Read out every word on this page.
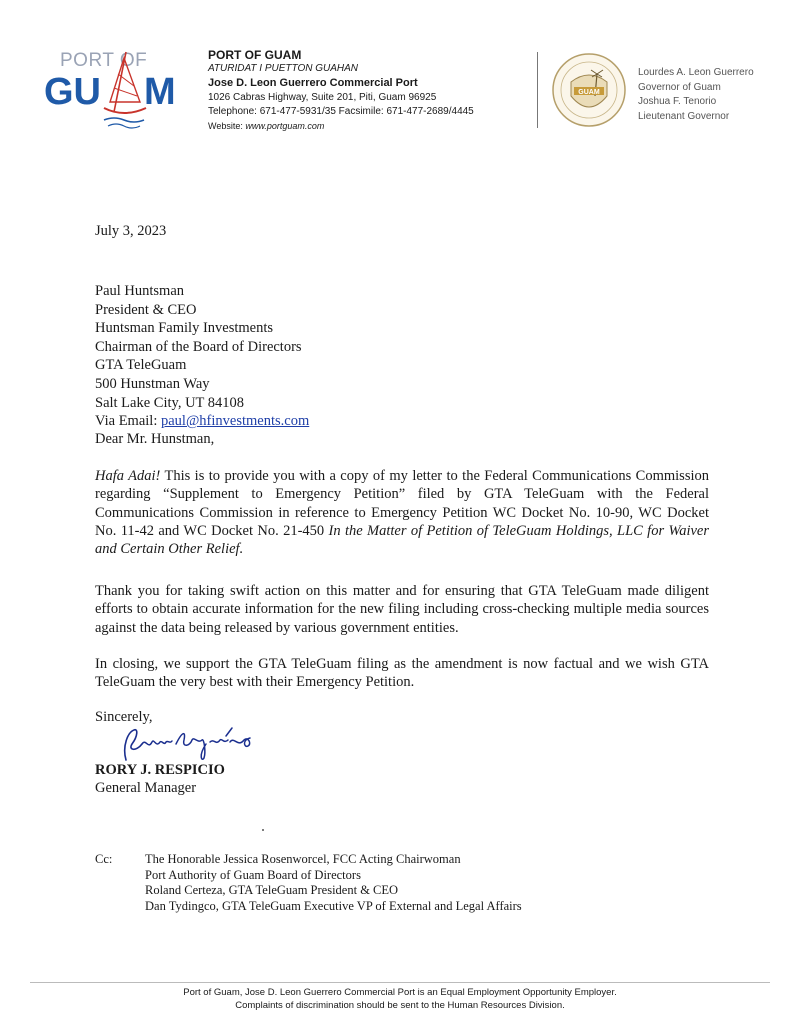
PORT OF
GU M
PORT OF GUAM
ATURIDAT I PUETTON GUAHAN
Jose D. Leon Guerrero Commercial Port
1026 Cabras Highway, Suite 201, Piti, Guam 96925
Telephone: 671-477-5931/35 Facsimile: 671-477-2689/4445
Website: www.portguam.com
GUAM
Lourdes A. Leon Guerrero
Governor of Guam
Joshua F. Tenorio
Lieutenant Governor

July 3, 2023

Paul Huntsman
President & CEO
Huntsman Family Investments
Chairman of the Board of Directors
GTA TeleGuam
500 Hunstman Way
Salt Lake City, UT 84108
Via Email: paul@hfinvestments.com

Dear Mr. Hunstman,

Hafa Adai! This is to provide you with a copy of my letter to the Federal Communications Commission regarding “Supplement to Emergency Petition” filed by GTA TeleGuam with the Federal Communications Commission in reference to Emergency Petition WC Docket No. 10-90, WC Docket No. 11-42 and WC Docket No. 21-450 In the Matter of Petition of TeleGuam Holdings, LLC for Waiver and Certain Other Relief.

Thank you for taking swift action on this matter and for ensuring that GTA TeleGuam made diligent efforts to obtain accurate information for the new filing including cross-checking multiple media sources against the data being released by various government entities.

In closing, we support the GTA TeleGuam filing as the amendment is now factual and we wish GTA TeleGuam the very best with their Emergency Petition.

Sincerely,

RORY J. RESPICIO
General Manager
Cc:	The Honorable Jessica Rosenworcel, FCC Acting Chairwoman
Port Authority of Guam Board of Directors
Roland Certeza, GTA TeleGuam President & CEO
Dan Tydingco, GTA TeleGuam Executive VP of External and Legal Affairs
Port of Guam, Jose D. Leon Guerrero Commercial Port is an Equal Employment Opportunity Employer.
Complaints of discrimination should be sent to the Human Resources Division.
